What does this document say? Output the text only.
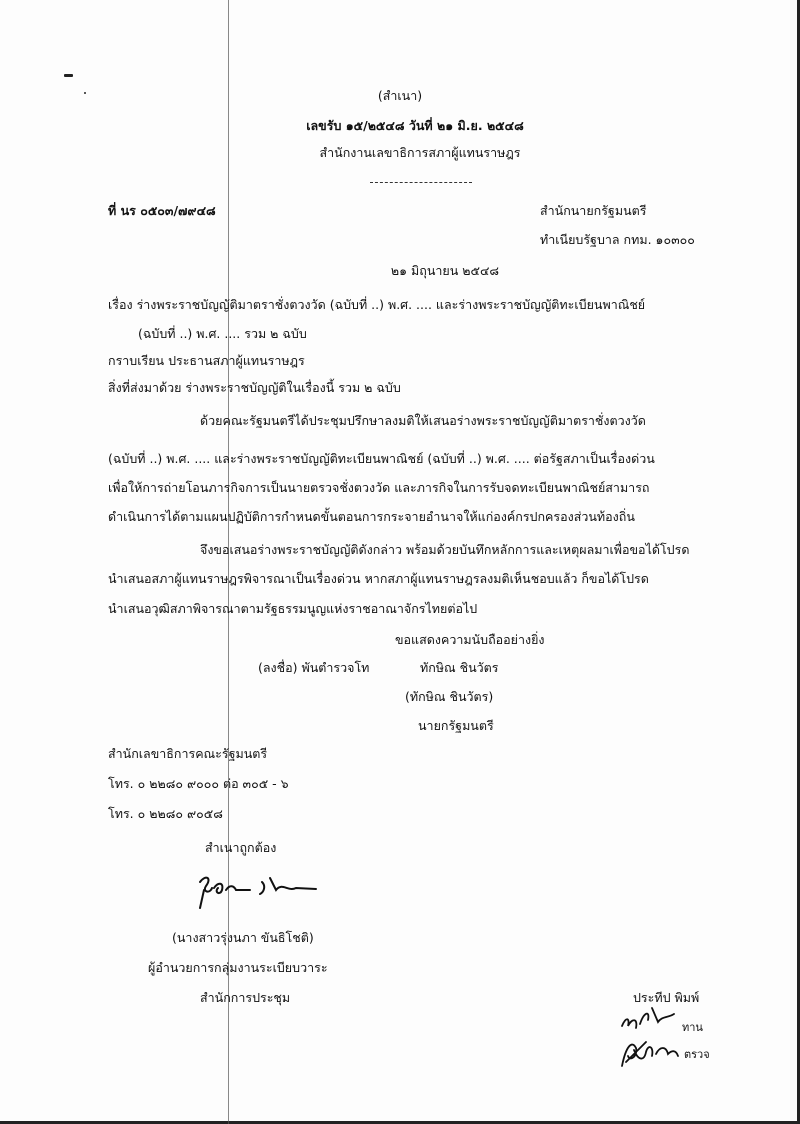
(สำเนา)
เลขรับ ๑๕/๒๕๔๘ วันที่ ๒๑ มิ.ย. ๒๕๔๘
สำนักงานเลขาธิการสภาผู้แทนราษฎร
ที่ นร ๐๕๐๓/๗๙๔๘	สำนักนายกรัฐมนตรี
ทำเนียบรัฐบาล กทม. ๑๐๓๐๐
๒๑ มิถุนายน ๒๕๔๘
เรื่อง ร่างพระราชบัญญัติมาตราชั่งตวงวัด (ฉบับที่ ..) พ.ศ. .... และร่างพระราชบัญญัติทะเบียนพาณิชย์
(ฉบับที่ ..) พ.ศ. .... รวม ๒ ฉบับ
กราบเรียน ประธานสภาผู้แทนราษฎร
สิ่งที่ส่งมาด้วย ร่างพระราชบัญญัติในเรื่องนี้ รวม ๒ ฉบับ
ด้วยคณะรัฐมนตรีได้ประชุมปรึกษาลงมติให้เสนอร่างพระราชบัญญัติมาตราชั่งตวงวัด
(ฉบับที่ ..) พ.ศ. .... และร่างพระราชบัญญัติทะเบียนพาณิชย์ (ฉบับที่ ..) พ.ศ. .... ต่อรัฐสภาเป็นเรื่องด่วน
เพื่อให้การถ่ายโอนภารกิจการเป็นนายตรวจชั่งตวงวัด และภารกิจในการรับจดทะเบียนพาณิชย์สามารถ
ดำเนินการได้ตามแผนปฏิบัติการกำหนดขั้นตอนการกระจายอำนาจให้แก่องค์กรปกครองส่วนท้องถิ่น
จึงขอเสนอร่างพระราชบัญญัติดังกล่าว พร้อมด้วยบันทึกหลักการและเหตุผลมาเพื่อขอได้โปรด
นำเสนอสภาผู้แทนราษฎรพิจารณาเป็นเรื่องด่วน หากสภาผู้แทนราษฎรลงมติเห็นชอบแล้ว ก็ขอได้โปรด
นำเสนอวุฒิสภาพิจารณาตามรัฐธรรมนูญแห่งราชอาณาจักรไทยต่อไป
ขอแสดงความนับถืออย่างยิ่ง
(ลงชื่อ) พันตำรวจโท	ทักษิณ ชินวัตร
(ทักษิณ ชินวัตร)
นายกรัฐมนตรี
สำนักเลขาธิการคณะรัฐมนตรี
โทร. ๐ ๒๒๘๐ ๙๐๐๐ ต่อ ๓๐๕ - ๖
โทร. ๐ ๒๒๘๐ ๙๐๕๘
สำเนาถูกต้อง
(นางสาวรุ่งนภา ขันธิโชติ)
ผู้อำนวยการกลุ่มงานระเบียบวาระ
สำนักการประชุม	ประทีป พิมพ์
ทาน
ตรวจ
